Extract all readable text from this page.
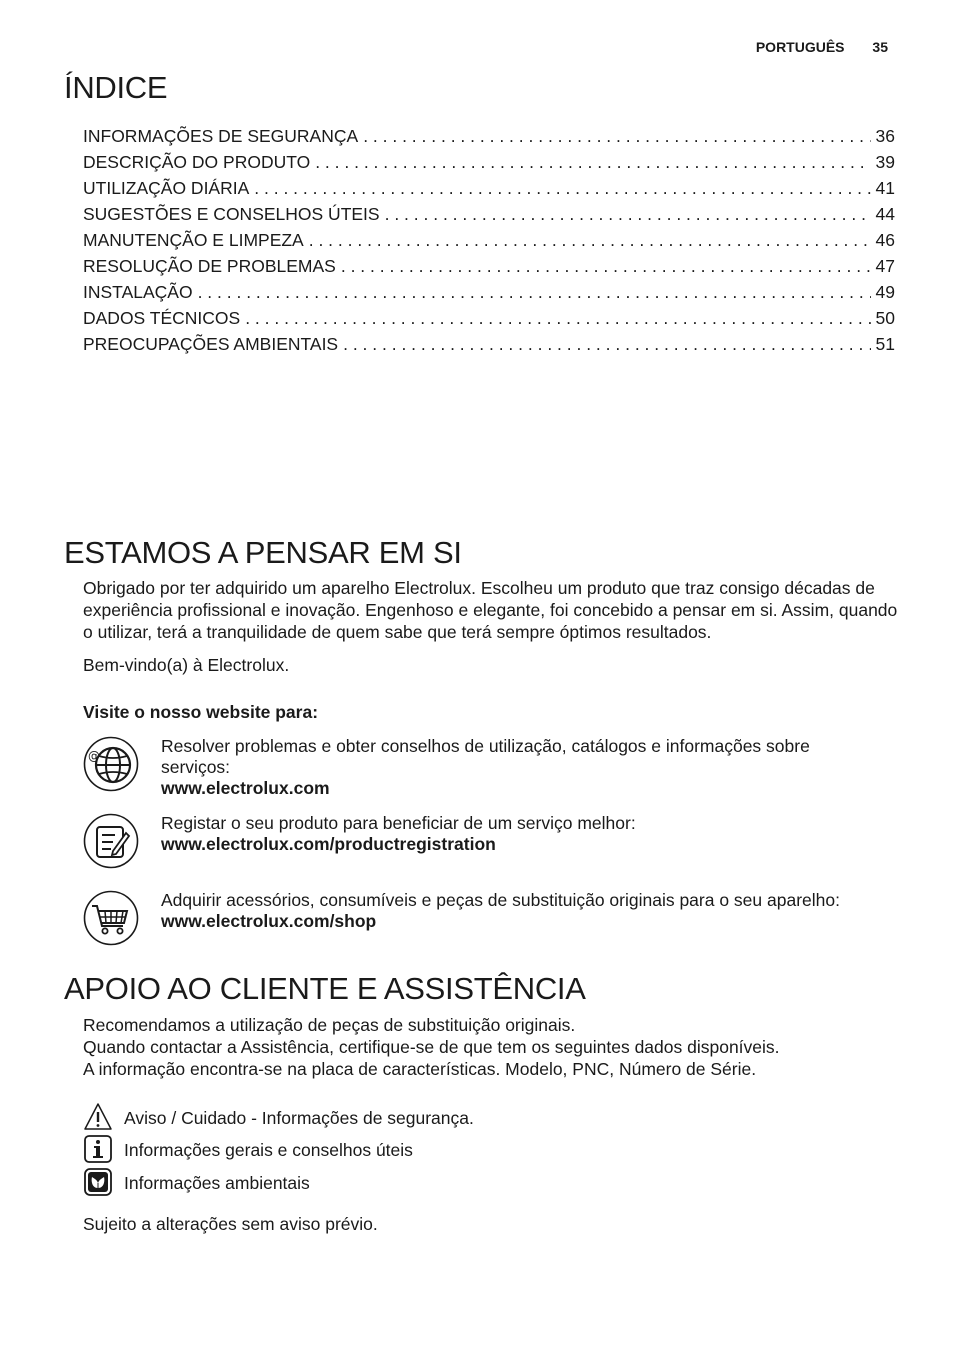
PORTUGUÊS 35
ÍNDICE
INFORMAÇÕES DE SEGURANÇA . . .	36
DESCRIÇÃO DO PRODUTO . . .	39
UTILIZAÇÃO DIÁRIA . . .	41
SUGESTÕES E CONSELHOS ÚTEIS . . .	44
MANUTENÇÃO E LIMPEZA . . .	46
RESOLUÇÃO DE PROBLEMAS . . .	47
INSTALAÇÃO . . .	49
DADOS TÉCNICOS . . .	50
PREOCUPAÇÕES AMBIENTAIS . . .	51
ESTAMOS A PENSAR EM SI
Obrigado por ter adquirido um aparelho Electrolux. Escolheu um produto que traz consigo décadas de experiência profissional e inovação. Engenhoso e elegante, foi concebido a pensar em si. Assim, quando o utilizar, terá a tranquilidade de quem sabe que terá sempre óptimos resultados.
Bem-vindo(a) à Electrolux.
Visite o nosso website para:
@	Resolver problemas e obter conselhos de utilização, catálogos e informações sobre serviços:
www.electrolux.com
Registar o seu produto para beneficiar de um serviço melhor:
www.electrolux.com/productregistration
Adquirir acessórios, consumíveis e peças de substituição originais para o seu aparelho:
www.electrolux.com/shop
APOIO AO CLIENTE E ASSISTÊNCIA
Recomendamos a utilização de peças de substituição originais.
Quando contactar a Assistência, certifique-se de que tem os seguintes dados disponíveis.
A informação encontra-se na placa de características. Modelo, PNC, Número de Série.
Aviso / Cuidado - Informações de segurança.
Informações gerais e conselhos úteis
Informações ambientais
Sujeito a alterações sem aviso prévio.
